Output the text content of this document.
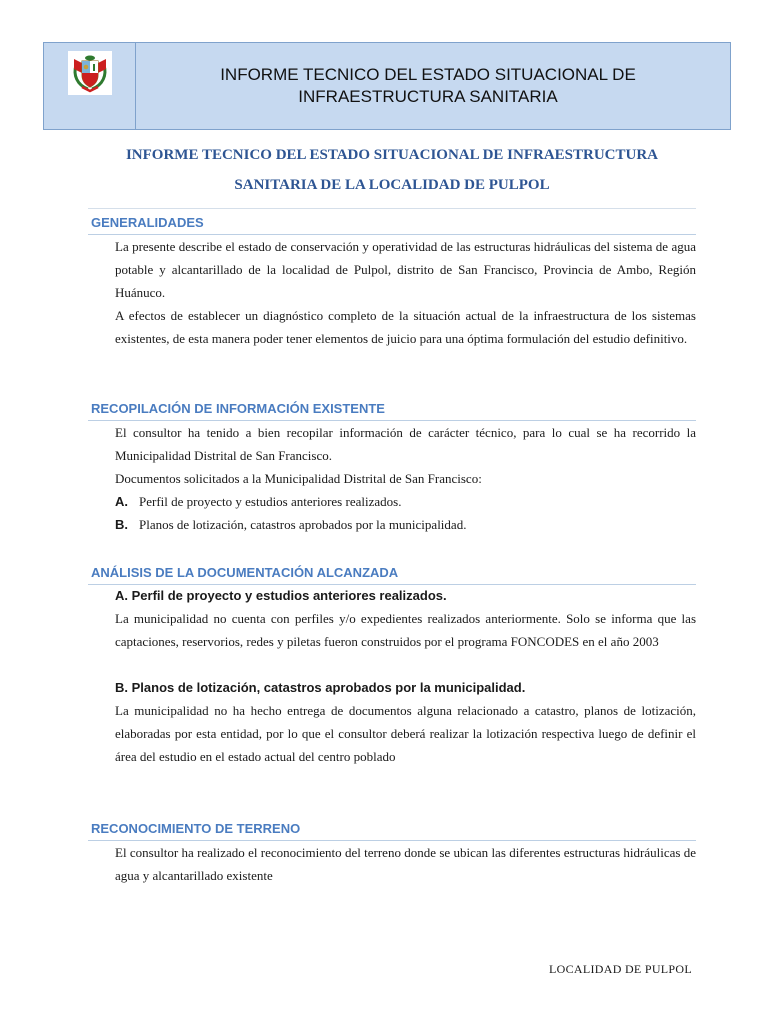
INFORME TECNICO DEL ESTADO SITUACIONAL DE
INFRAESTRUCTURA SANITARIA
INFORME TECNICO DEL ESTADO SITUACIONAL DE INFRAESTRUCTURA
SANITARIA DE LA LOCALIDAD DE PULPOL
GENERALIDADES

La presente describe el estado de conservación y operatividad de las estructuras hidráulicas del sistema de agua potable y alcantarillado de la localidad de Pulpol, distrito de San Francisco, Provincia de Ambo, Región Huánuco.

A efectos de establecer un diagnóstico completo de la situación actual de la infraestructura de los sistemas existentes, de esta manera poder tener elementos de juicio para una óptima formulación del estudio definitivo.

RECOPILACIÓN DE INFORMACIÓN EXISTENTE

El consultor ha tenido a bien recopilar información de carácter técnico, para lo cual se ha recorrido la Municipalidad Distrital de San Francisco.

Documentos solicitados a la Municipalidad Distrital de San Francisco:

A. Perfil de proyecto y estudios anteriores realizados.
B. Planos de lotización, catastros aprobados por la municipalidad.
ANÁLISIS DE LA DOCUMENTACIÓN ALCANZADA
A. Perfil de proyecto y estudios anteriores realizados.

La municipalidad no cuenta con perfiles y/o expedientes realizados anteriormente. Solo se informa que las captaciones, reservorios, redes y piletas fueron construidos por el programa FONCODES en el año 2003

B. Planos de lotización, catastros aprobados por la municipalidad.

La municipalidad no ha hecho entrega de documentos alguna relacionado a catastro, planos de lotización, elaboradas por esta entidad, por lo que el consultor deberá realizar la lotización respectiva luego de definir el área del estudio en el estado actual del centro poblado

RECONOCIMIENTO DE TERRENO

El consultor ha realizado el reconocimiento del terreno donde se ubican las diferentes estructuras hidráulicas de agua y alcantarillado existente

LOCALIDAD DE PULPOL
